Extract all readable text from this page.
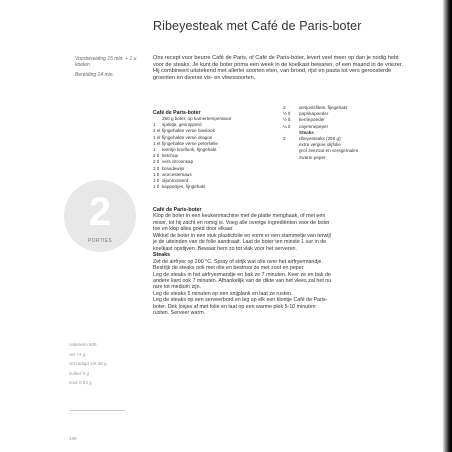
Ribeyesteak met Café de Paris-boter

Voorbereiding 15 min. + 1 u koelen

Bereiding 14 min.

Ons recept voor beurre Café de Paris, of Café de Paris-boter, levert veel meer op dan je nodig hebt voor de steaks. Je kunt de boter prima een week in de koelkast bewaren, of een maand in de vriezer. Hij combineert uitstekend met allerlei soorten eten, van brood, rijst en pasta tot vers geroosterde groenten en diverse vis- en vleessoorten.

Café de Paris-boter
250 g boter, op kamertemperatuur
1	sjalotje, gesnipperd
2 el fijngehakte verse bieslook
1 el fijngehakte verse dragon
1 el fijngehakte verse peterselie
1	teentje knoflook, fijngehakt
2 tl ketchup
2 tl vers citroensap
2 tl brandewijn
1 tl worcestersaus
1 tl dijonmosterd
1 tl kappertjes, fijngehakt
2	ansjovisfilets, fijngehakt
½ tl	paprikapoeder
½ tl	kerriepoeder
¼ tl	cayennepeper
Steaks
2	ribeyesteaks (250 g)
extra vergine olijfolie
grof zeezout en versgemalen
zwarte peper
2
PORTIES
calorieën 808
vet 74 g
verzadigd vet 38 g
suiker 0 g
zout 0,93 g
Café de Paris-boter
Klop de boter in een keukenmachine met de platte menghaak, of met een
mixer, tot hij zacht en romig is. Voeg alle overige ingrediënten voor de boter
toe en klop alles goed door elkaar.
Wikkel de boter in een stuk plasticfolie en vorm er een stammetje van terwijl
je de uiteinden van de folie aandraait. Laat de boter ten minste 1 uur in de
koelkast opstijven. Bewaar hem zo tot vlak voor het serveren.
Steaks
Zet de airfryer op 200 °C. Spray of strijk wat olie over het airfryermandje.
Bestrijk de steaks ook met olie en bestrooi ze met zout en peper.
Leg de steaks in het airfryermandje en bak ze 7 minuten. Keer ze en bak de
andere kant ook 7 minuten. Afhankelijk van de dikte van het vlees zal het nu
rare tot medium zijn.
Leg de steaks 5 minuten op een snijplank en laat ze rusten.
Leg de steaks op een serveerbord en leg op elk een klontje Café de Paris-
boter. Dek losjes af met folie en laat op een warme plek 5-10 minuten
rusten. Serveer warm.
196
